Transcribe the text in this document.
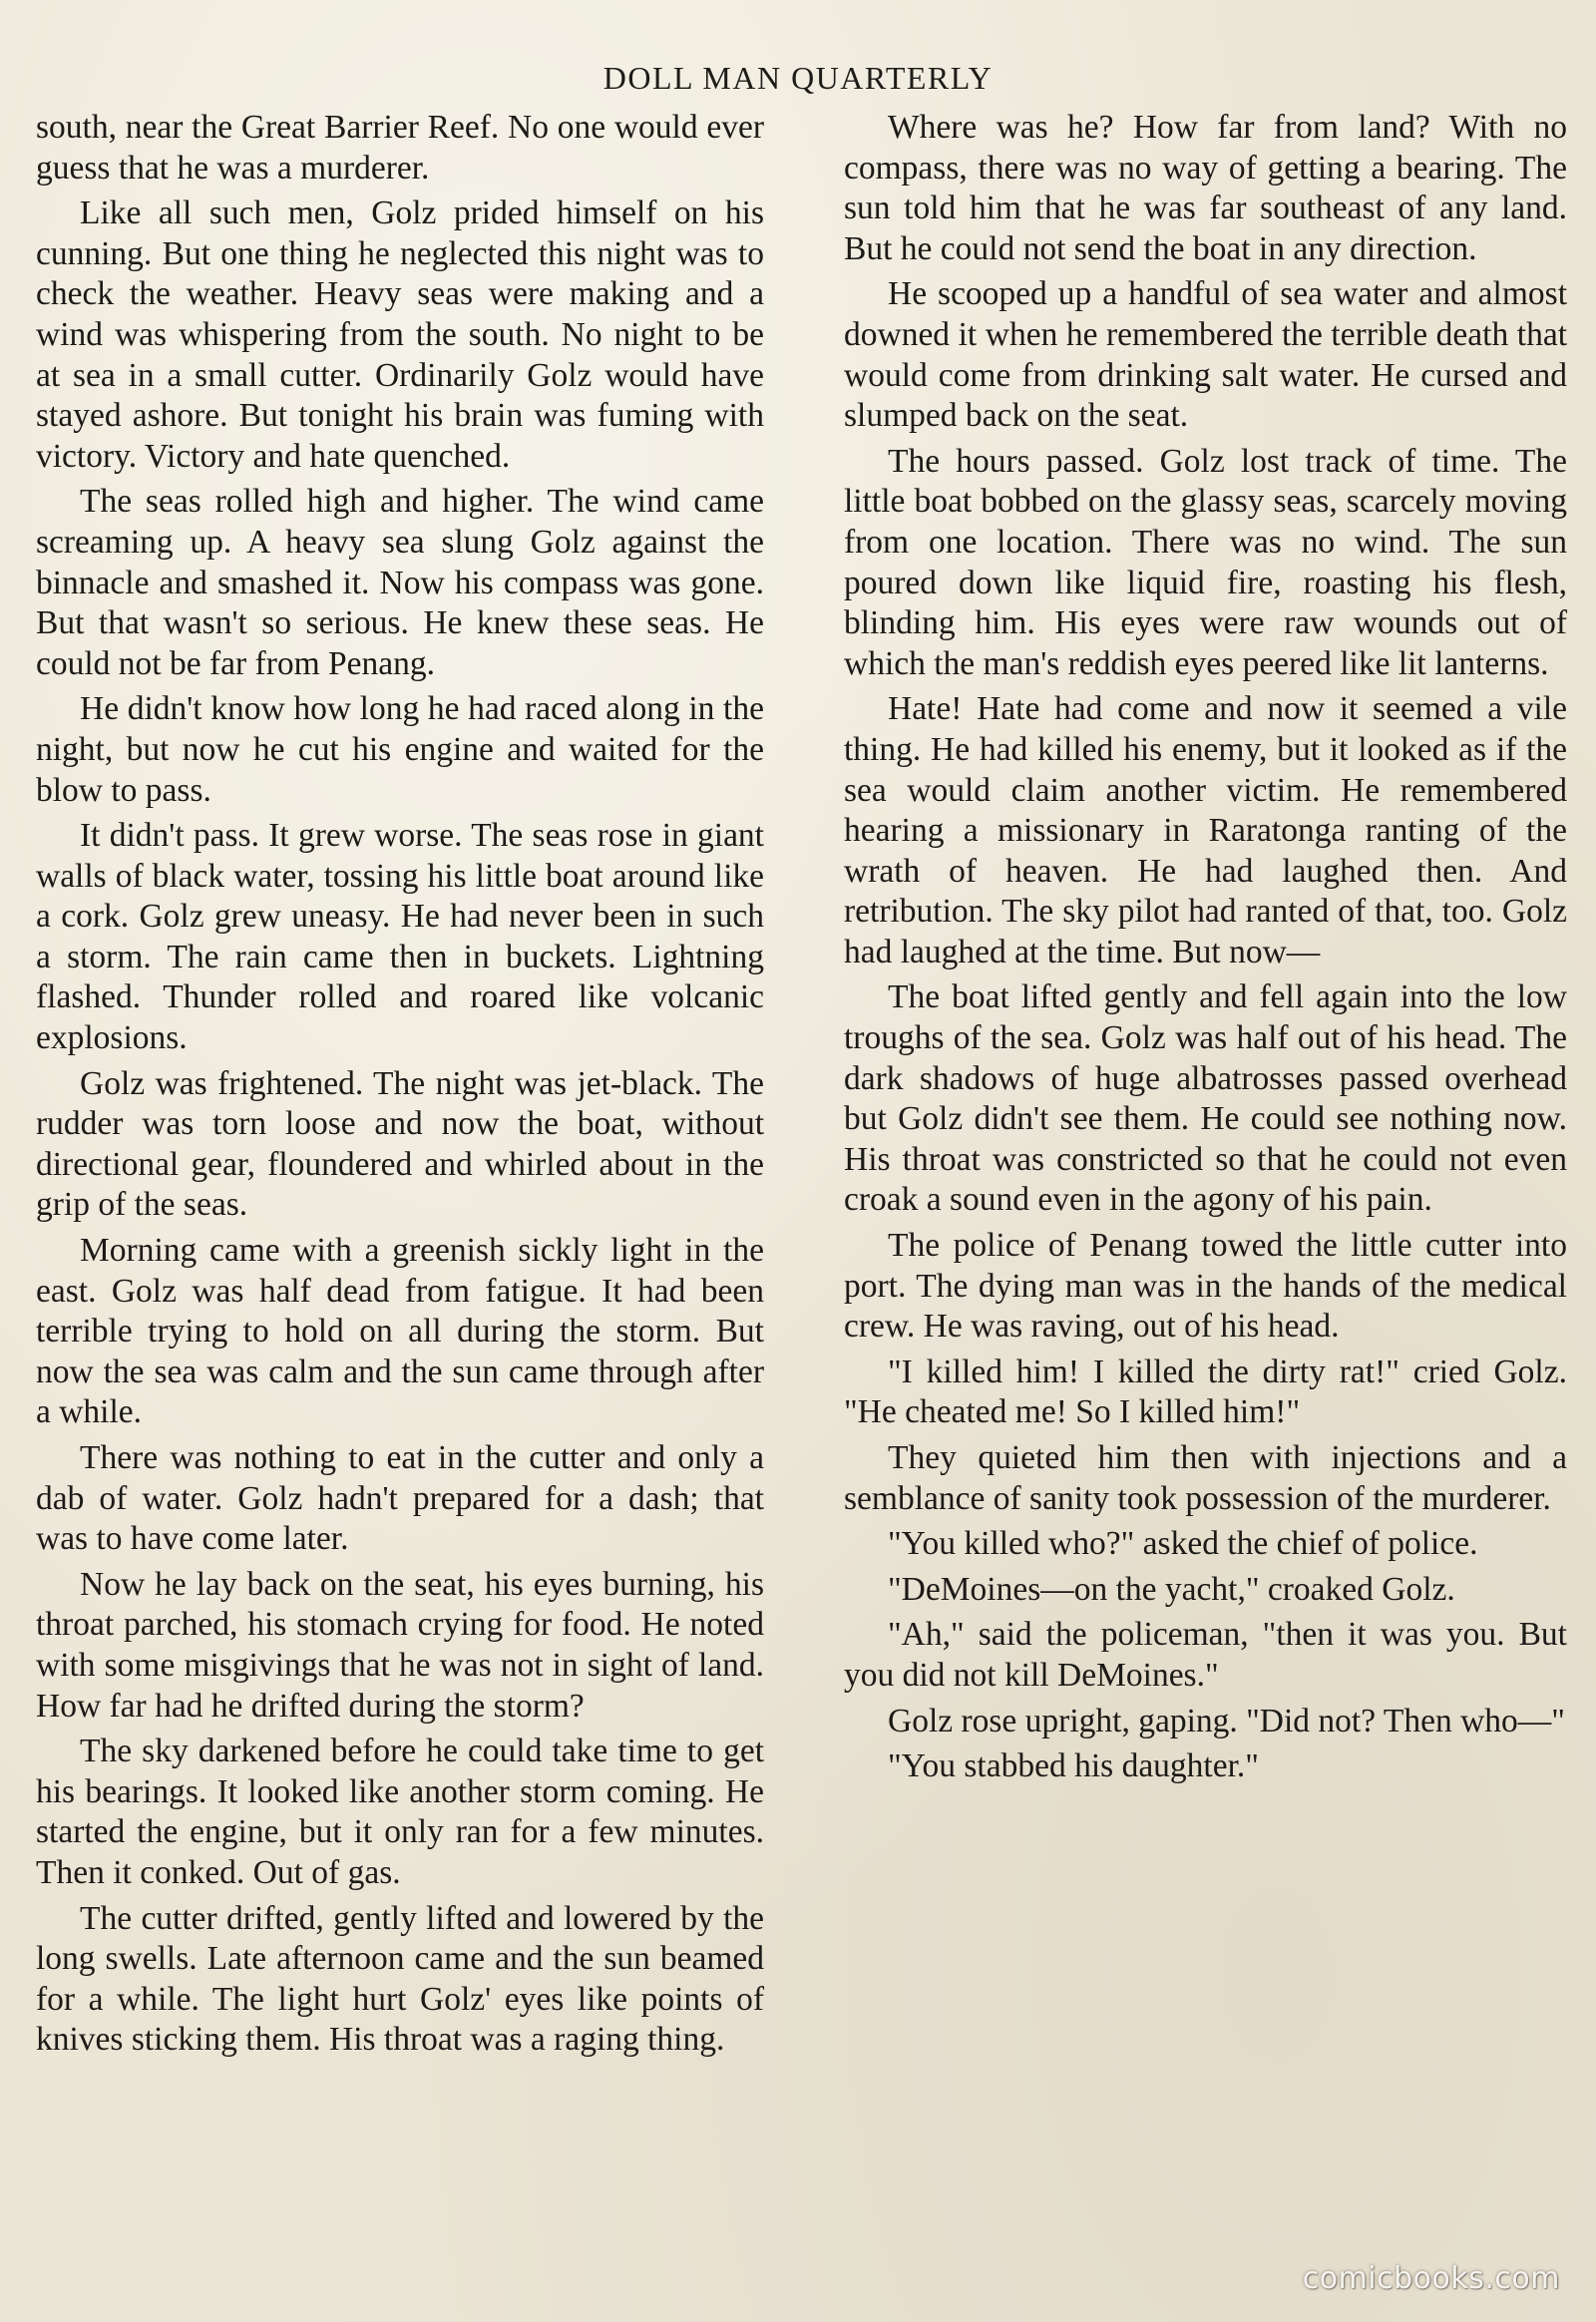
DOLL MAN QUARTERLY

south, near the Great Barrier Reef. No one would ever guess that he was a murderer.

Like all such men, Golz prided himself on his cunning. But one thing he neglected this night was to check the weather. Heavy seas were making and a wind was whispering from the south. No night to be at sea in a small cutter. Ordinarily Golz would have stayed ashore. But tonight his brain was fuming with victory. Victory and hate quenched.

The seas rolled high and higher. The wind came screaming up. A heavy sea slung Golz against the binnacle and smashed it. Now his compass was gone. But that wasn't so serious. He knew these seas. He could not be far from Penang.

He didn't know how long he had raced along in the night, but now he cut his engine and waited for the blow to pass.

It didn't pass. It grew worse. The seas rose in giant walls of black water, tossing his little boat around like a cork. Golz grew uneasy. He had never been in such a storm. The rain came then in buckets. Lightning flashed. Thunder rolled and roared like volcanic explosions.

Golz was frightened. The night was jet-black. The rudder was torn loose and now the boat, without directional gear, floundered and whirled about in the grip of the seas.

Morning came with a greenish sickly light in the east. Golz was half dead from fatigue. It had been terrible trying to hold on all during the storm. But now the sea was calm and the sun came through after a while.

There was nothing to eat in the cutter and only a dab of water. Golz hadn't prepared for a dash; that was to have come later.

Now he lay back on the seat, his eyes burning, his throat parched, his stomach crying for food. He noted with some misgivings that he was not in sight of land. How far had he drifted during the storm?

The sky darkened before he could take time to get his bearings. It looked like another storm coming. He started the engine, but it only ran for a few minutes. Then it conked. Out of gas.

The cutter drifted, gently lifted and lowered by the long swells. Late afternoon came and the sun beamed for a while. The light hurt Golz' eyes like points of knives sticking them. His throat was a raging thing.

Where was he? How far from land? With no compass, there was no way of getting a bearing. The sun told him that he was far southeast of any land. But he could not send the boat in any direction.

He scooped up a handful of sea water and almost downed it when he remembered the terrible death that would come from drinking salt water. He cursed and slumped back on the seat.

The hours passed. Golz lost track of time. The little boat bobbed on the glassy seas, scarcely moving from one location. There was no wind. The sun poured down like liquid fire, roasting his flesh, blinding him. His eyes were raw wounds out of which the man's reddish eyes peered like lit lanterns.

Hate! Hate had come and now it seemed a vile thing. He had killed his enemy, but it looked as if the sea would claim another victim. He remembered hearing a missionary in Raratonga ranting of the wrath of heaven. He had laughed then. And retribution. The sky pilot had ranted of that, too. Golz had laughed at the time. But now—

The boat lifted gently and fell again into the low troughs of the sea. Golz was half out of his head. The dark shadows of huge albatrosses passed overhead but Golz didn't see them. He could see nothing now. His throat was constricted so that he could not even croak a sound even in the agony of his pain.

The police of Penang towed the little cutter into port. The dying man was in the hands of the medical crew. He was raving, out of his head.

"I killed him! I killed the dirty rat!" cried Golz. "He cheated me! So I killed him!"

They quieted him then with injections and a semblance of sanity took possession of the murderer.

"You killed who?" asked the chief of police.

"DeMoines—on the yacht," croaked Golz.

"Ah," said the policeman, "then it was you. But you did not kill DeMoines."

Golz rose upright, gaping. "Did not? Then who—"

"You stabbed his daughter."

comicbooks.com
